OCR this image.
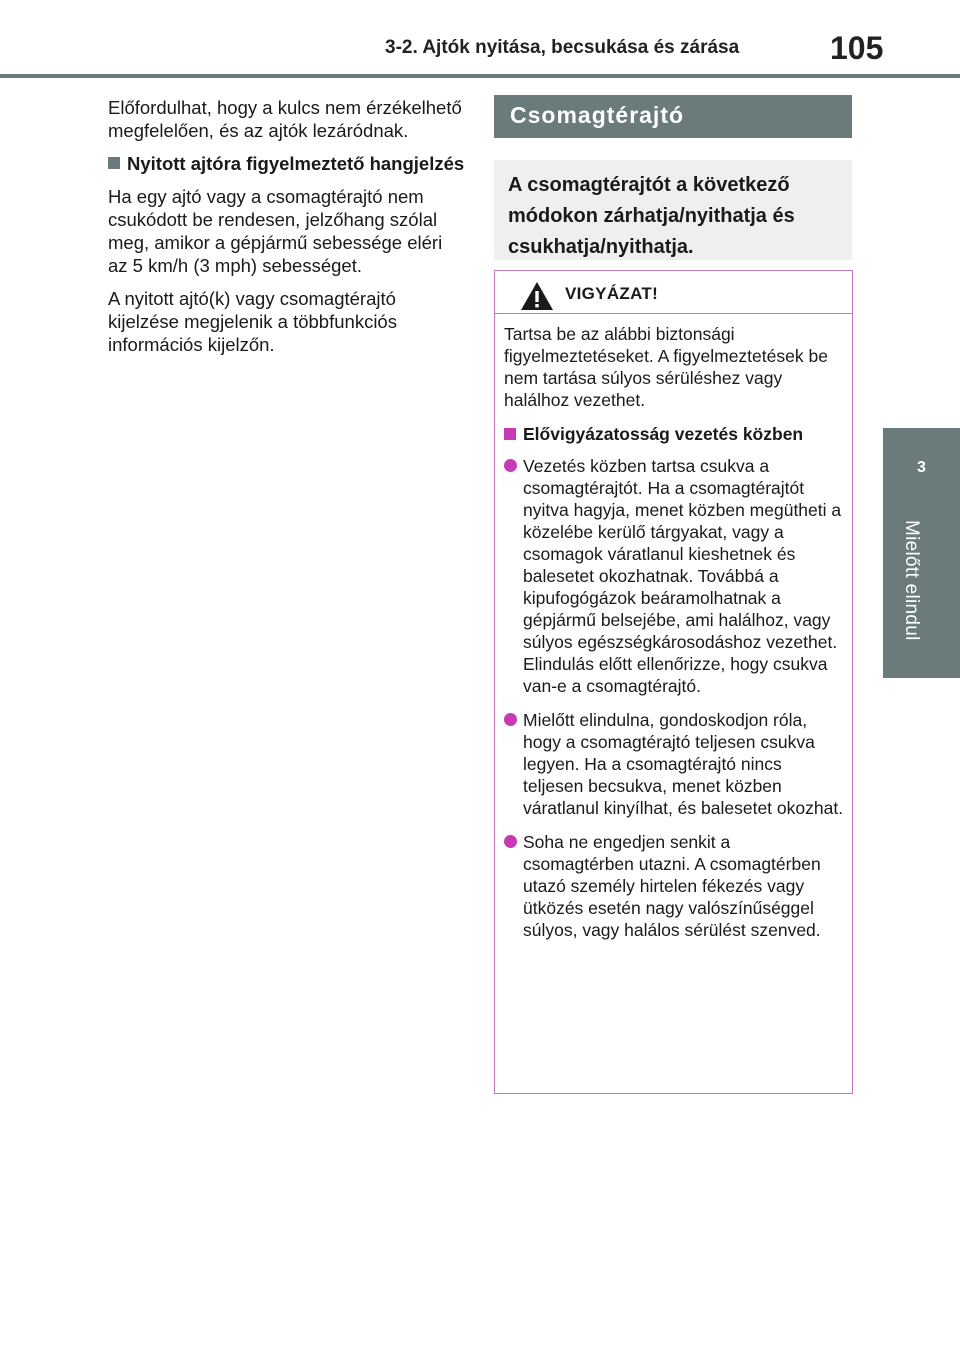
3-2. Ajtók nyitása, becsukása és zárása	105
3
Mielőtt elindul

Előfordulhat, hogy a kulcs nem érzékelhető megfelelően, és az ajtók lezáródnak.

Nyitott ajtóra figyelmeztető hangjelzés

Ha egy ajtó vagy a csomagtérajtó nem csukódott be rendesen, jelzőhang szólal meg, amikor a gépjármű sebessége eléri az 5 km/h (3 mph) sebességet.

A nyitott ajtó(k) vagy csomagtérajtó kijelzése megjelenik a többfunkciós információs kijelzőn.

Csomagtérajtó
A csomagtérajtót a következő módokon zárhatja/nyithatja és csukhatja/nyithatja.
VIGYÁZAT!

Tartsa be az alábbi biztonsági figyelmeztetéseket. A figyelmeztetések be nem tartása súlyos sérüléshez vagy halálhoz vezethet.

Elővigyázatosság vezetés közben
Vezetés közben tartsa csukva a csomagtérajtót. Ha a csomagtérajtót nyitva hagyja, menet közben megütheti a közelébe kerülő tárgyakat, vagy a csomagok váratlanul kieshetnek és balesetet okozhatnak. Továbbá a kipufogógázok beáramolhatnak a gépjármű belsejébe, ami halálhoz, vagy súlyos egészségkárosodáshoz vezethet. Elindulás előtt ellenőrizze, hogy csukva van-e a csomagtérajtó.
Mielőtt elindulna, gondoskodjon róla, hogy a csomagtérajtó teljesen csukva legyen. Ha a csomagtérajtó nincs teljesen becsukva, menet közben váratlanul kinyílhat, és balesetet okozhat.
Soha ne engedjen senkit a csomagtérben utazni. A csomagtérben utazó személy hirtelen fékezés vagy ütközés esetén nagy valószínűséggel súlyos, vagy halálos sérülést szenved.
